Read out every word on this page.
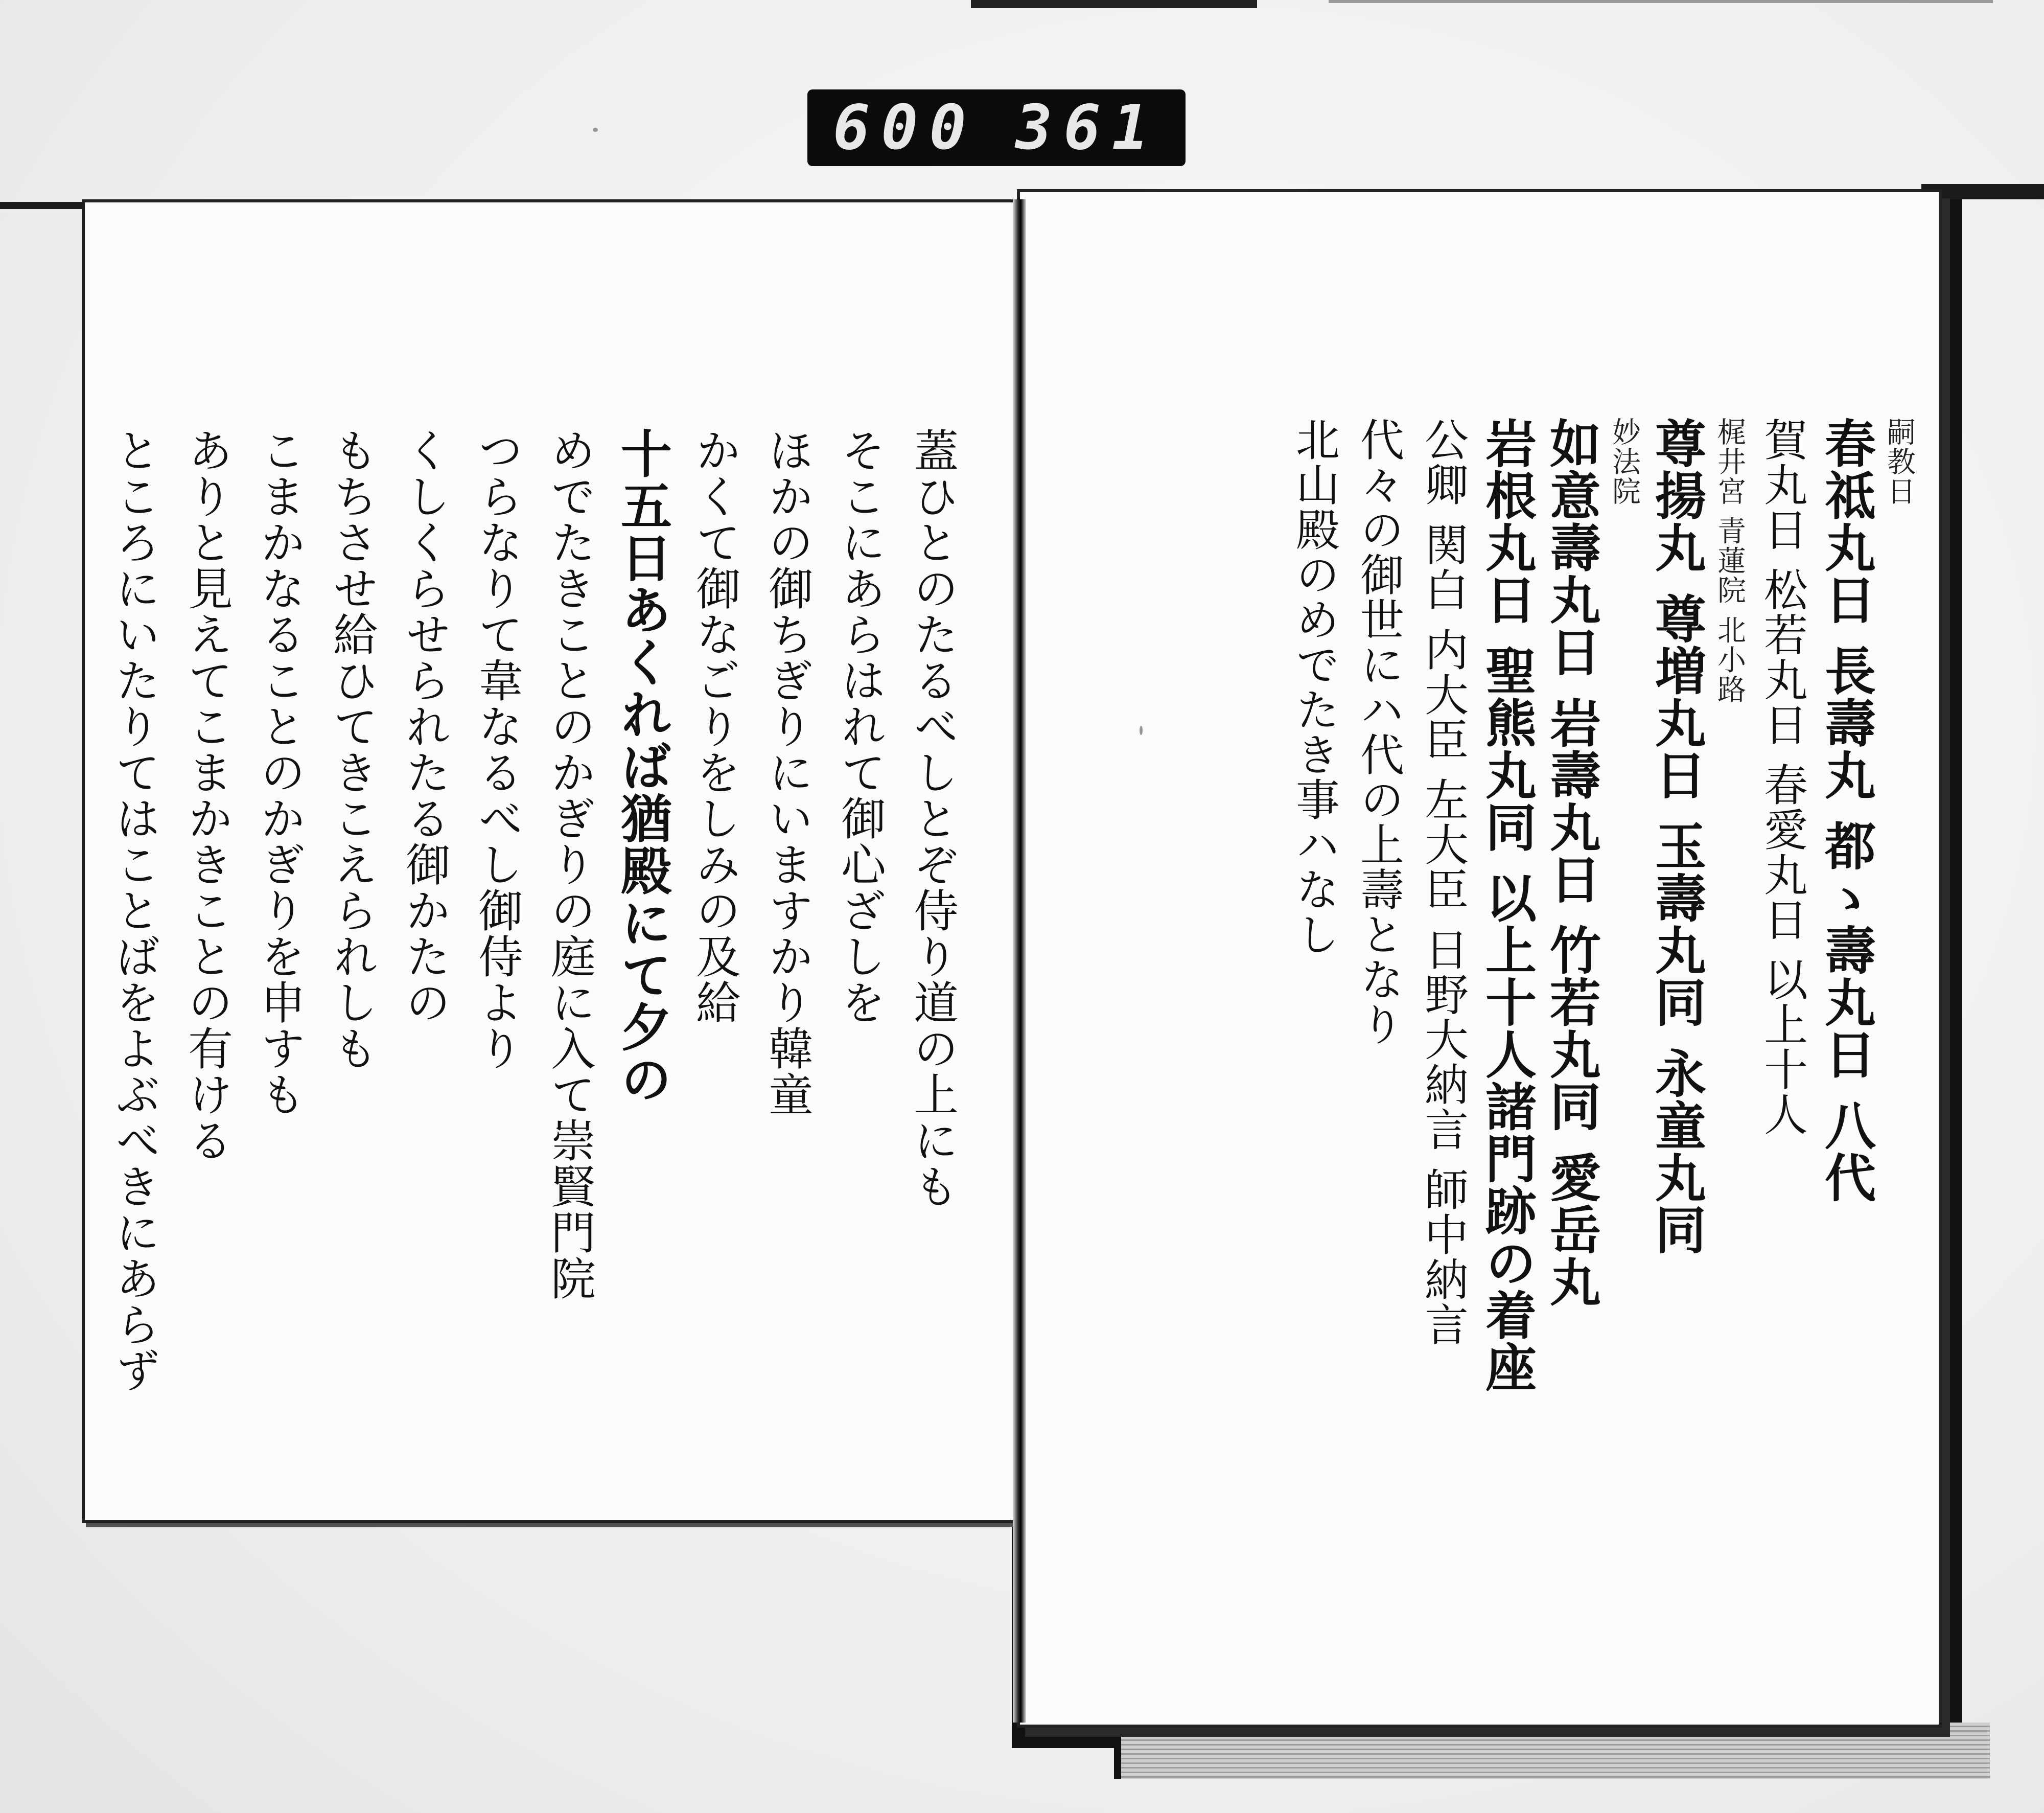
600 361
蓋ひとのたるべしとぞ侍り道の上にも
そこにあらはれて御心ざしを
ほかの御ちぎりにいますかり韓童
かくて御なごりをしみの及給
十五日あくれば猶殿にて夕の
めでたきことのかぎりの庭に入て崇賢門院
つらなりて韋なるべし御侍より
くしくらせられたる御かたの
もちさせ給ひてきこえられしも
こまかなることのかぎりを申すも
ありと見えてこまかきことの有ける
ところにいたりてはことばをよぶべきにあらず	嗣教日
春祗丸日 長壽丸 都ゝ壽丸日 八代
賀丸日 松若丸日 春愛丸日 以上十人
梶井宮 青蓮院 北小路
尊揚丸 尊増丸日 玉壽丸同 永童丸同
妙法院
如意壽丸日 岩壽丸日 竹若丸同 愛岳丸
岩根丸日 聖熊丸同 以上十人諸門跡の着座
公卿 関白 内大臣 左大臣 日野大納言 師中納言
代々の御世にハ代の上壽となり
北山殿のめでたき事ハなし
